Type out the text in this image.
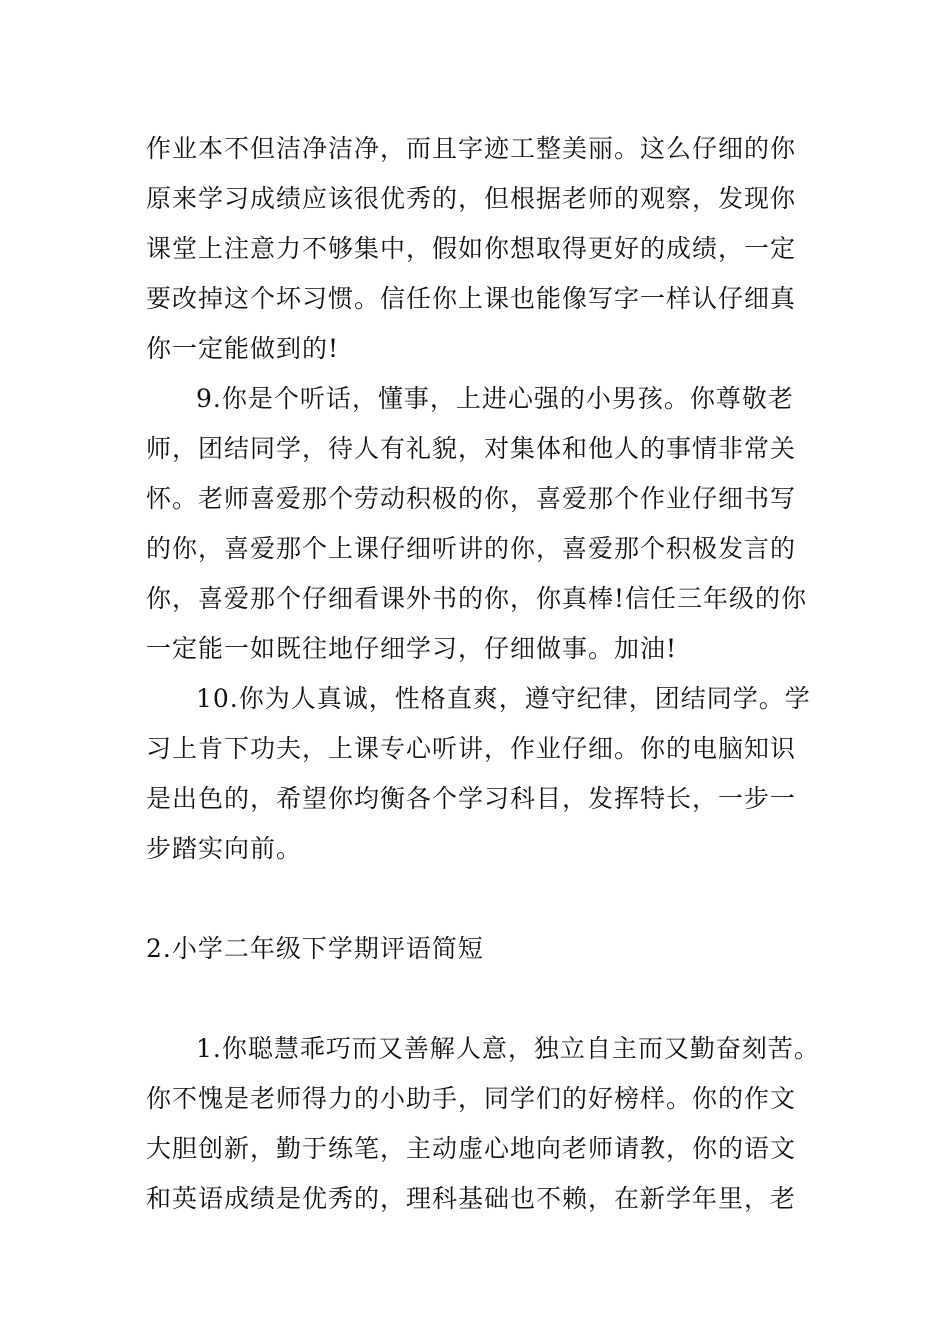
作业本不但洁净洁净，而且字迹工整美丽。这么仔细的你
原来学习成绩应该很优秀的，但根据老师的观察，发现你
课堂上注意力不够集中，假如你想取得更好的成绩，一定
要改掉这个坏习惯。信任你上课也能像写字一样认仔细真
你一定能做到的!
9.你是个听话，懂事，上进心强的小男孩。你尊敬老
师，团结同学，待人有礼貌，对集体和他人的事情非常关
怀。老师喜爱那个劳动积极的你，喜爱那个作业仔细书写
的你，喜爱那个上课仔细听讲的你，喜爱那个积极发言的
你，喜爱那个仔细看课外书的你，你真棒!信任三年级的你
一定能一如既往地仔细学习，仔细做事。加油!
10.你为人真诚，性格直爽，遵守纪律，团结同学。学
习上肯下功夫，上课专心听讲，作业仔细。你的电脑知识
是出色的，希望你均衡各个学习科目，发挥特长，一步一
步踏实向前。
2.小学二年级下学期评语简短
1.你聪慧乖巧而又善解人意，独立自主而又勤奋刻苦。
你不愧是老师得力的小助手，同学们的好榜样。你的作文
大胆创新，勤于练笔，主动虚心地向老师请教，你的语文
和英语成绩是优秀的，理科基础也不赖，在新学年里，老
